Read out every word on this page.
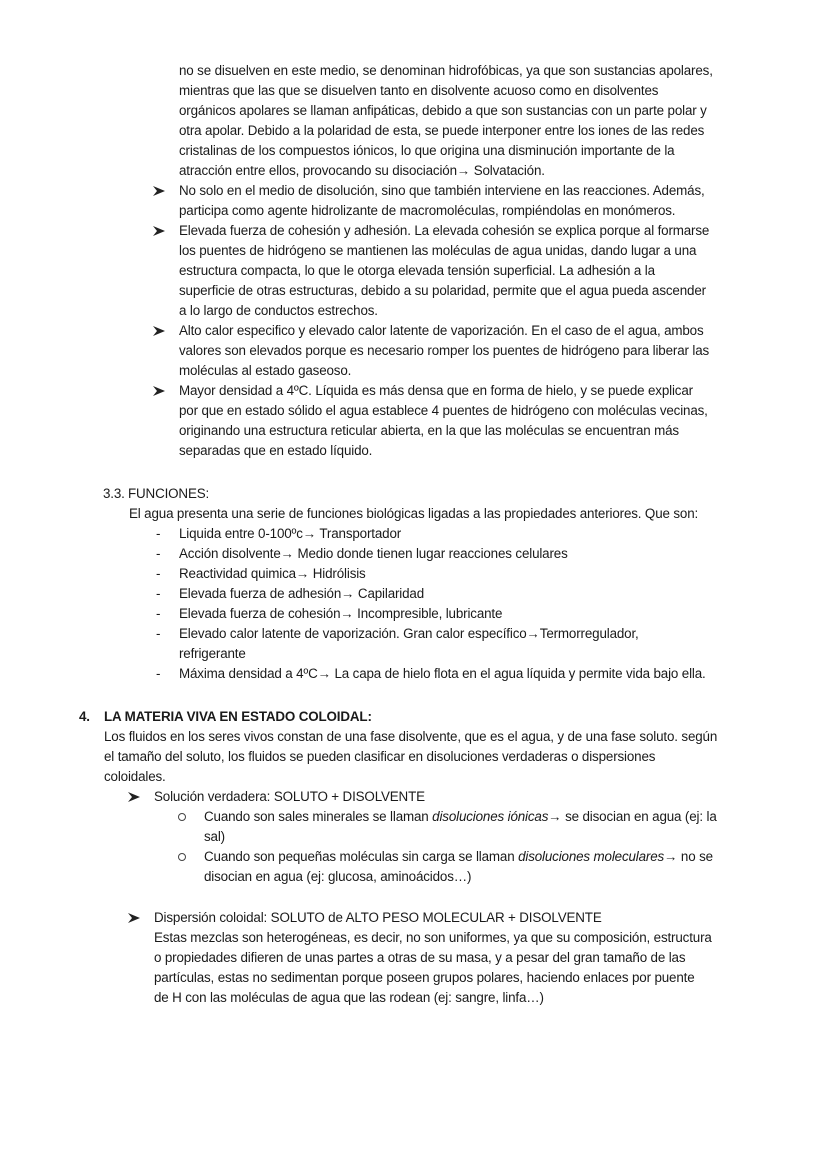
no se disuelven en este medio, se denominan hidrofóbicas, ya que son sustancias apolares,
mientras que las que se disuelven tanto en disolvente acuoso como en disolventes
orgánicos apolares se llaman anfipáticas, debido a que son sustancias con un parte polar y
otra apolar. Debido a la polaridad de esta, se puede interponer entre los iones de las redes
cristalinas de los compuestos iónicos, lo que origina una disminución importante de la
atracción entre ellos, provocando su disociación→ Solvatación.
No solo en el medio de disolución, sino que también interviene en las reacciones. Además,
participa como agente hidrolizante de macromoléculas, rompiéndolas en monómeros.
Elevada fuerza de cohesión y adhesión. La elevada cohesión se explica porque al formarse
los puentes de hidrógeno se mantienen las moléculas de agua unidas, dando lugar a una
estructura compacta, lo que le otorga elevada tensión superficial. La adhesión a la
superficie de otras estructuras, debido a su polaridad, permite que el agua pueda ascender
a lo largo de conductos estrechos.
Alto calor especifico y elevado calor latente de vaporización. En el caso de el agua, ambos
valores son elevados porque es necesario romper los puentes de hidrógeno para liberar las
moléculas al estado gaseoso.
Mayor densidad a 4ºC. Líquida es más densa que en forma de hielo, y se puede explicar
por que en estado sólido el agua establece 4 puentes de hidrógeno con moléculas vecinas,
originando una estructura reticular abierta, en la que las moléculas se encuentran más
separadas que en estado líquido.
3.3. FUNCIONES:
El agua presenta una serie de funciones biológicas ligadas a las propiedades anteriores. Que son:
- Liquida entre 0-100ºc→ Transportador
- Acción disolvente→ Medio donde tienen lugar reacciones celulares
- Reactividad quimica→ Hidrólisis
- Elevada fuerza de adhesión→ Capilaridad
- Elevada fuerza de cohesión→ Incompresible, lubricante
- Elevado calor latente de vaporización. Gran calor específico→Termorregulador,
refrigerante
- Máxima densidad a 4ºC→ La capa de hielo flota en el agua líquida y permite vida bajo ella.
4. LA MATERIA VIVA EN ESTADO COLOIDAL:
Los fluidos en los seres vivos constan de una fase disolvente, que es el agua, y de una fase soluto. según
el tamaño del soluto, los fluidos se pueden clasificar en disoluciones verdaderas o dispersiones
coloidales.
Solución verdadera: SOLUTO + DISOLVENTE
Cuando son sales minerales se llaman disoluciones iónicas→ se disocian en agua (ej: la
sal)
Cuando son pequeñas moléculas sin carga se llaman disoluciones moleculares→ no se
disocian en agua (ej: glucosa, aminoácidos…)
Dispersión coloidal: SOLUTO de ALTO PESO MOLECULAR + DISOLVENTE
Estas mezclas son heterogéneas, es decir, no son uniformes, ya que su composición, estructura
o propiedades difieren de unas partes a otras de su masa, y a pesar del gran tamaño de las
partículas, estas no sedimentan porque poseen grupos polares, haciendo enlaces por puente
de H con las moléculas de agua que las rodean (ej: sangre, linfa…)
